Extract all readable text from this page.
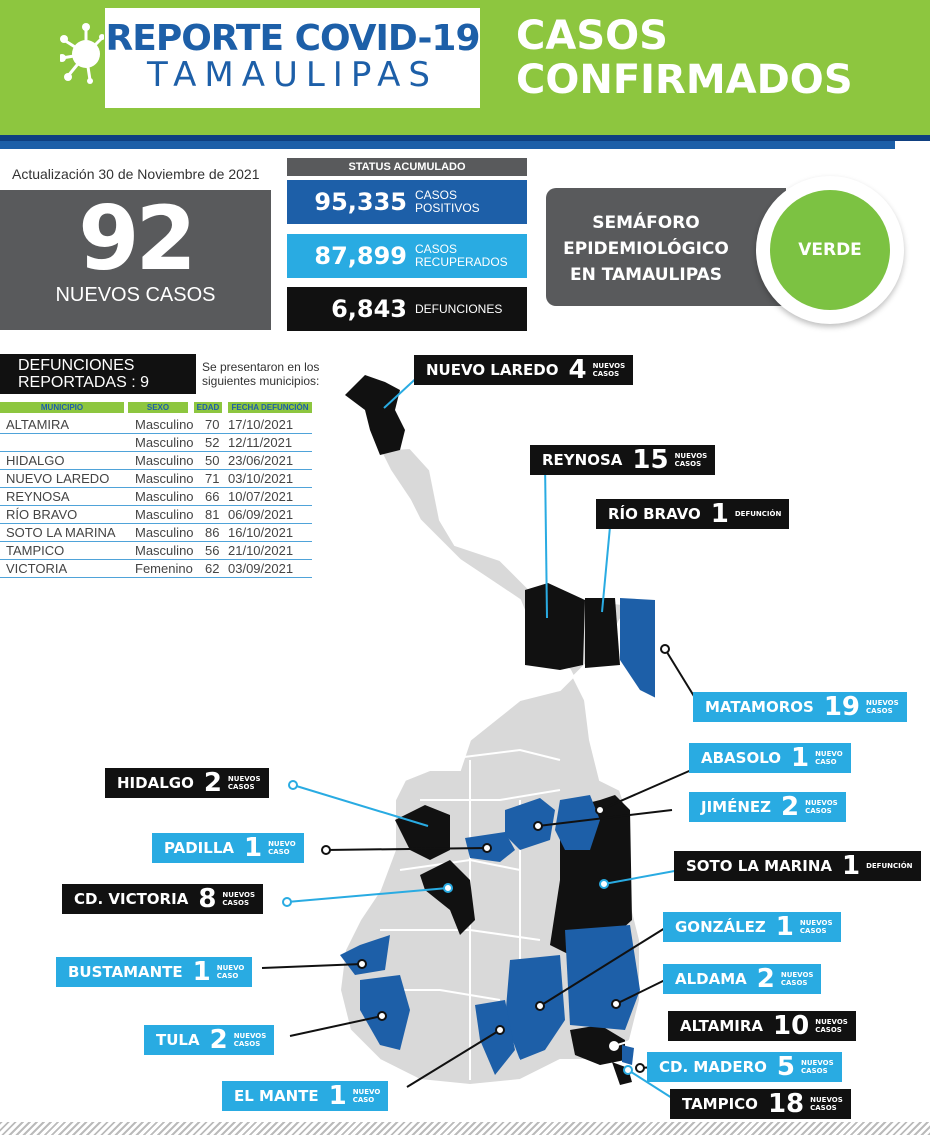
REPORTE COVID-19
TAMAULIPAS
CASOS
CONFIRMADOS
Actualización 30 de Noviembre de 2021
92
NUEVOS CASOS
STATUS ACUMULADO
95,335 CASOS
POSITIVOS
87,899 CASOS
RECUPERADOS
6,843 DEFUNCIONES
SEMÁFORO
EPIDEMIOLÓGICO
EN TAMAULIPAS
VERDE
DEFUNCIONES
REPORTADAS : 9
Se presentaron en los
siguientes municipios:
MUNICIPIO	SEXO	EDAD	FECHA DEFUNCIÓN
ALTAMIRA	Masculino 70 17/10/2021
Masculino 52 12/11/2021
HIDALGO	Masculino 50 23/06/2021
NUEVO LAREDO Masculino 71 03/10/2021
REYNOSA	Masculino 66 10/07/2021
RÍO BRAVO	Masculino 81 06/09/2021
SOTO LA MARINA Masculino 86 16/10/2021
TAMPICO	Masculino 56 21/10/2021
VICTORIA	Femenino 62 03/09/2021
NUEVO LAREDO 4 NUEVOS
CASOS
REYNOSA 15 NUEVOS
CASOS
RÍO BRAVO 1 DEFUNCIÓN
MATAMOROS 19 NUEVOS
CASOS
ABASOLO 1 NUEVO
CASO
JIMÉNEZ 2 NUEVOS
CASOS
HIDALGO 2 NUEVOS
CASOS
PADILLA 1 NUEVO
CASO
SOTO LA MARINA 1 DEFUNCIÓN
CD. VICTORIA 8 NUEVOS
CASOS
GONZÁLEZ 1 NUEVOS
CASOS
BUSTAMANTE 1 NUEVO
CASO	ALDAMA 2 NUEVOS
CASOS
TULA 2 NUEVOS
CASOS
ALTAMIRA 10 NUEVOS
CASOS
CD. MADERO 5 NUEVOS
CASOS
EL MANTE 1 NUEVO
CASO	TAMPICO 18 NUEVOS
CASOS
